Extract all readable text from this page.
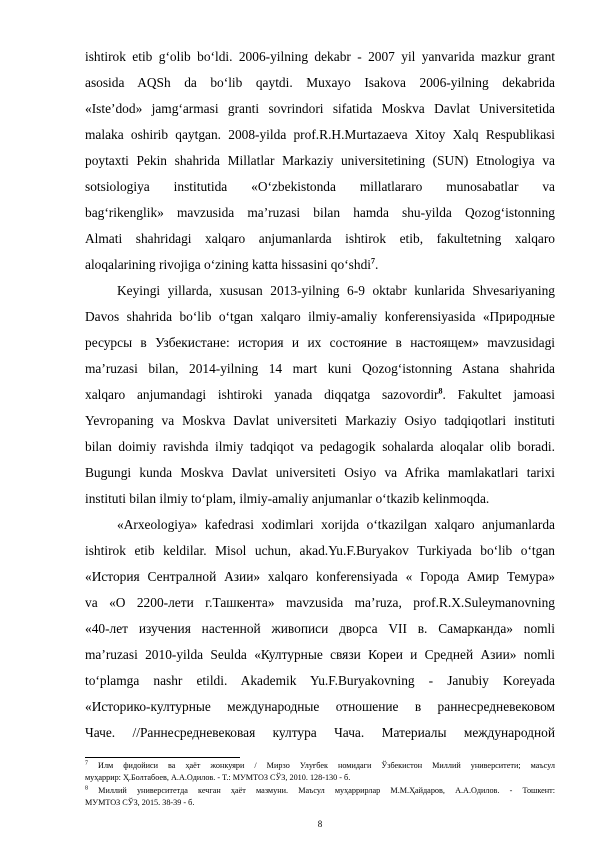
ishtirok etib g‘olib bo‘ldi. 2006-yilning dekabr - 2007 yil yanvarida mazkur grant
asosida AQSh da bo‘lib qaytdi. Muxayo Isakova 2006-yilning dekabrida
«Iste’dod» jamg‘armasi granti sovrindori sifatida Moskva Davlat Universitetida
malaka oshirib qaytgan. 2008-yilda prof.R.H.Murtazaeva Xitoy Xalq Respublikasi
poytaxti Pekin shahrida Millatlar Markaziy universitetining (SUN) Etnologiya va
sotsiologiya institutida «O‘zbekistonda millatlararo munosabatlar va
bag‘rikenglik» mavzusida ma’ruzasi bilan hamda shu-yilda Qozog‘istonning
Almati shahridagi xalqaro anjumanlarda ishtirok etib, fakultetning xalqaro
aloqalarining rivojiga o‘zining katta hissasini qo‘shdi$^7$.
Keyingi yillarda, xususan 2013-yilning 6-9 oktabr kunlarida Shvesariyaning
Davos shahrida bo‘lib o‘tgan xalqaro ilmiy-amaliy konferensiyasida «Природные
ресурсы в Узбекистане: история и их состояние в настоящем» mavzusidagi
ma’ruzasi bilan, 2014-yilning 14 mart kuni Qozog‘istonning Astana shahrida
xalqaro anjumandagi ishtiroki yanada diqqatga sazovordir$^8$. Fakultet jamoasi
Yevropaning va Moskva Davlat universiteti Markaziy Osiyo tadqiqotlari instituti
bilan doimiy ravishda ilmiy tadqiqot va pedagogik sohalarda aloqalar olib boradi.
Bugungi kunda Moskva Davlat universiteti Osiyo va Afrika mamlakatlari tarixi
instituti bilan ilmiy to‘plam, ilmiy-amaliy anjumanlar o‘tkazib kelinmoqda.
«Arxeologiya» kafedrasi xodimlari xorijda o‘tkazilgan xalqaro anjumanlarda
ishtirok etib keldilar. Misol uchun, akad.Yu.F.Buryakov Turkiyada bo‘lib o‘tgan
«История Сентралной Азии» xalqaro konferensiyada « Города Амир Темура»
va «О 2200-лети г.Ташкента» mavzusida ma’ruza, prof.R.X.Suleymanovning
«40-лет изучения настенной живописи дворса VII в. Самарканда» nomli
ma’ruzasi 2010-yilda Seulda «Културные связи Кореи и Средней Азии» nomli
to‘plamga nashr etildi. Akademik Yu.F.Buryakovning - Janubiy Koreyada
«Историко-културные международные отношение в раннесредневековом
Чаче. //Раннесредневековая култура Чача. Материалы международной
$^7$ Илм фидойиси ва ҳаёт жонкуяри / Мирзо Улуғбек номидаги Ўзбекистон Миллий университети; маъсул
муҳаррир: Ҳ.Болтабоев, А.А.Одилов. - Т.: МУМТОЗ СЎЗ, 2010. 128-130 - б.
$^8$ Миллий университетда кечган ҳаёт мазмуни. Маъсул муҳаррирлар М.М.Ҳайдаров, А.А.Одилов. - Тошкент:
МУМТОЗ СЎЗ, 2015. 38-39 - б.
8
